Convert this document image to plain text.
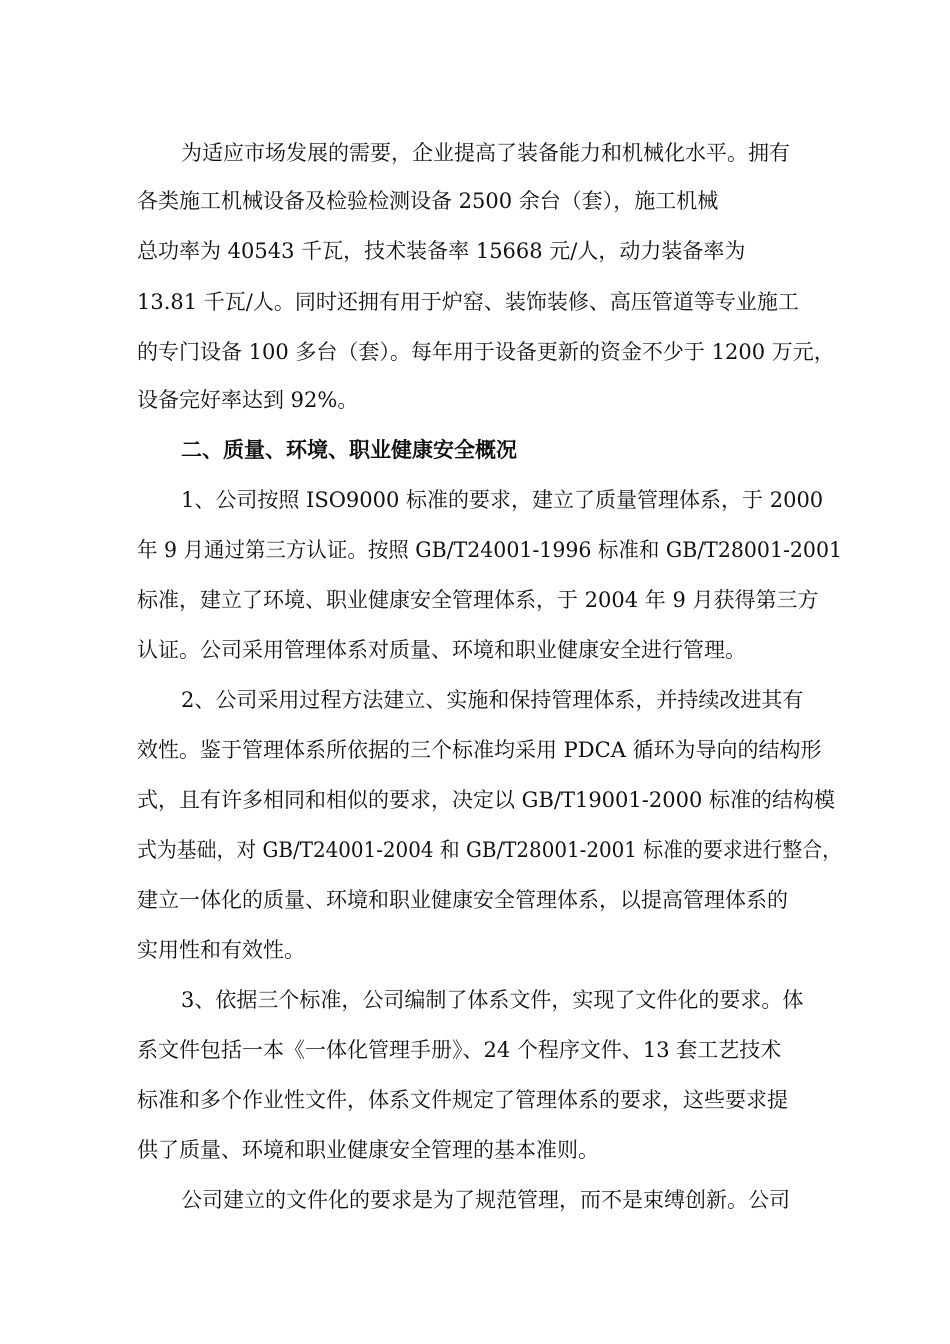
为适应市场发展的需要，企业提高了装备能力和机械化水平。拥有
各类施工机械设备及检验检测设备 2500 余台（套），施工机械
总功率为 40543 千瓦，技术装备率 15668 元/人，动力装备率为
13.81 千瓦/人。同时还拥有用于炉窑、装饰装修、高压管道等专业施工
的专门设备 100 多台（套）。每年用于设备更新的资金不少于 1200 万元，
设备完好率达到 92%。
二、质量、环境、职业健康安全概况
1、公司按照 ISO9000 标准的要求，建立了质量管理体系，于 2000
年 9 月通过第三方认证。按照 GB/T24001-1996 标准和 GB/T28001-2001
标准，建立了环境、职业健康安全管理体系，于 2004 年 9 月获得第三方
认证。公司采用管理体系对质量、环境和职业健康安全进行管理。
2、公司采用过程方法建立、实施和保持管理体系，并持续改进其有
效性。鉴于管理体系所依据的三个标准均采用 PDCA 循环为导向的结构形
式，且有许多相同和相似的要求，决定以 GB/T19001-2000 标准的结构模
式为基础，对 GB/T24001-2004 和 GB/T28001-2001 标准的要求进行整合，
建立一体化的质量、环境和职业健康安全管理体系，以提高管理体系的
实用性和有效性。
3、依据三个标准，公司编制了体系文件，实现了文件化的要求。体
系文件包括一本《一体化管理手册》、24 个程序文件、13 套工艺技术
标准和多个作业性文件，体系文件规定了管理体系的要求，这些要求提
供了质量、环境和职业健康安全管理的基本准则。
公司建立的文件化的要求是为了规范管理，而不是束缚创新。公司
